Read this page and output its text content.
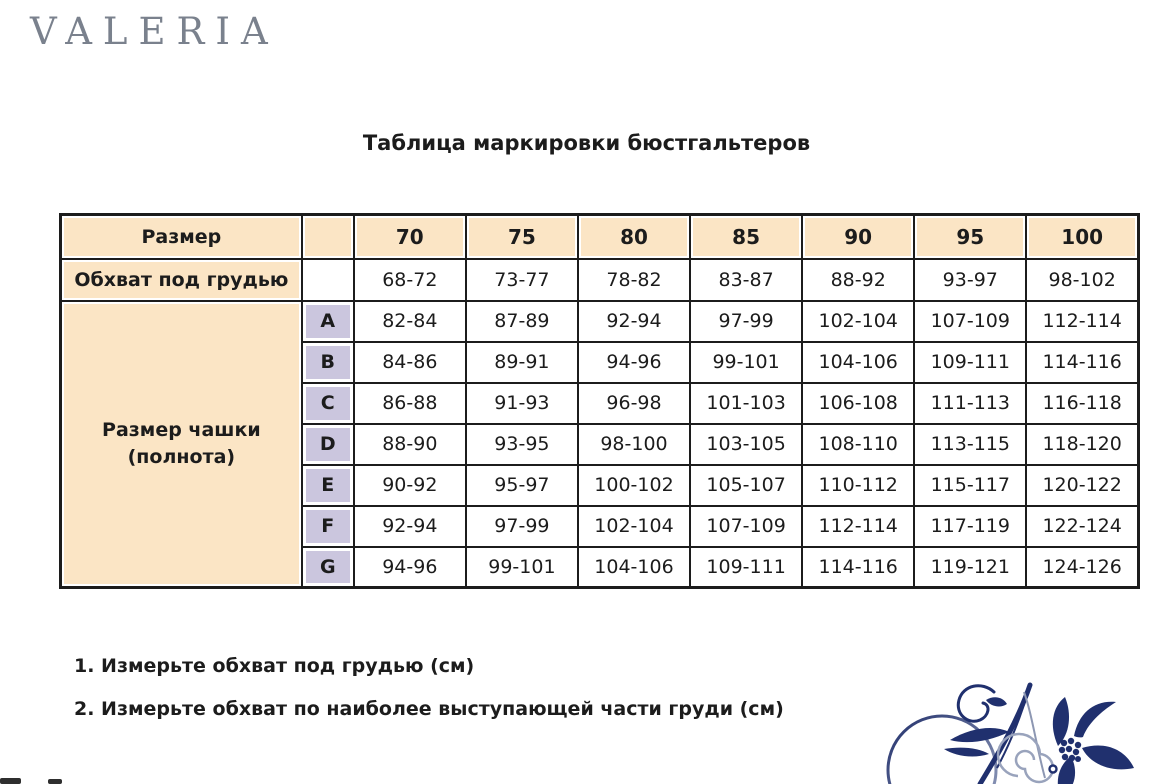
VALERIA
Таблица маркировки бюстгальтеров
Размер		70	75	80	85	90	95	100
Обхват под грудью		68-72	73-77	78-82	83-87	88-92	93-97	98-102
Размер чашки (полнота)	A	82-84	87-89	92-94	97-99	102-104	107-109	112-114
	B	84-86	89-91	94-96	99-101	104-106	109-111	114-116
	C	86-88	91-93	96-98	101-103	106-108	111-113	116-118
	D	88-90	93-95	98-100	103-105	108-110	113-115	118-120
	E	90-92	95-97	100-102	105-107	110-112	115-117	120-122
	F	92-94	97-99	102-104	107-109	112-114	117-119	122-124
	G	94-96	99-101	104-106	109-111	114-116	119-121	124-126
1. Измерьте обхват под грудью (см)
2. Измерьте обхват по наиболее выступающей части груди (см)
